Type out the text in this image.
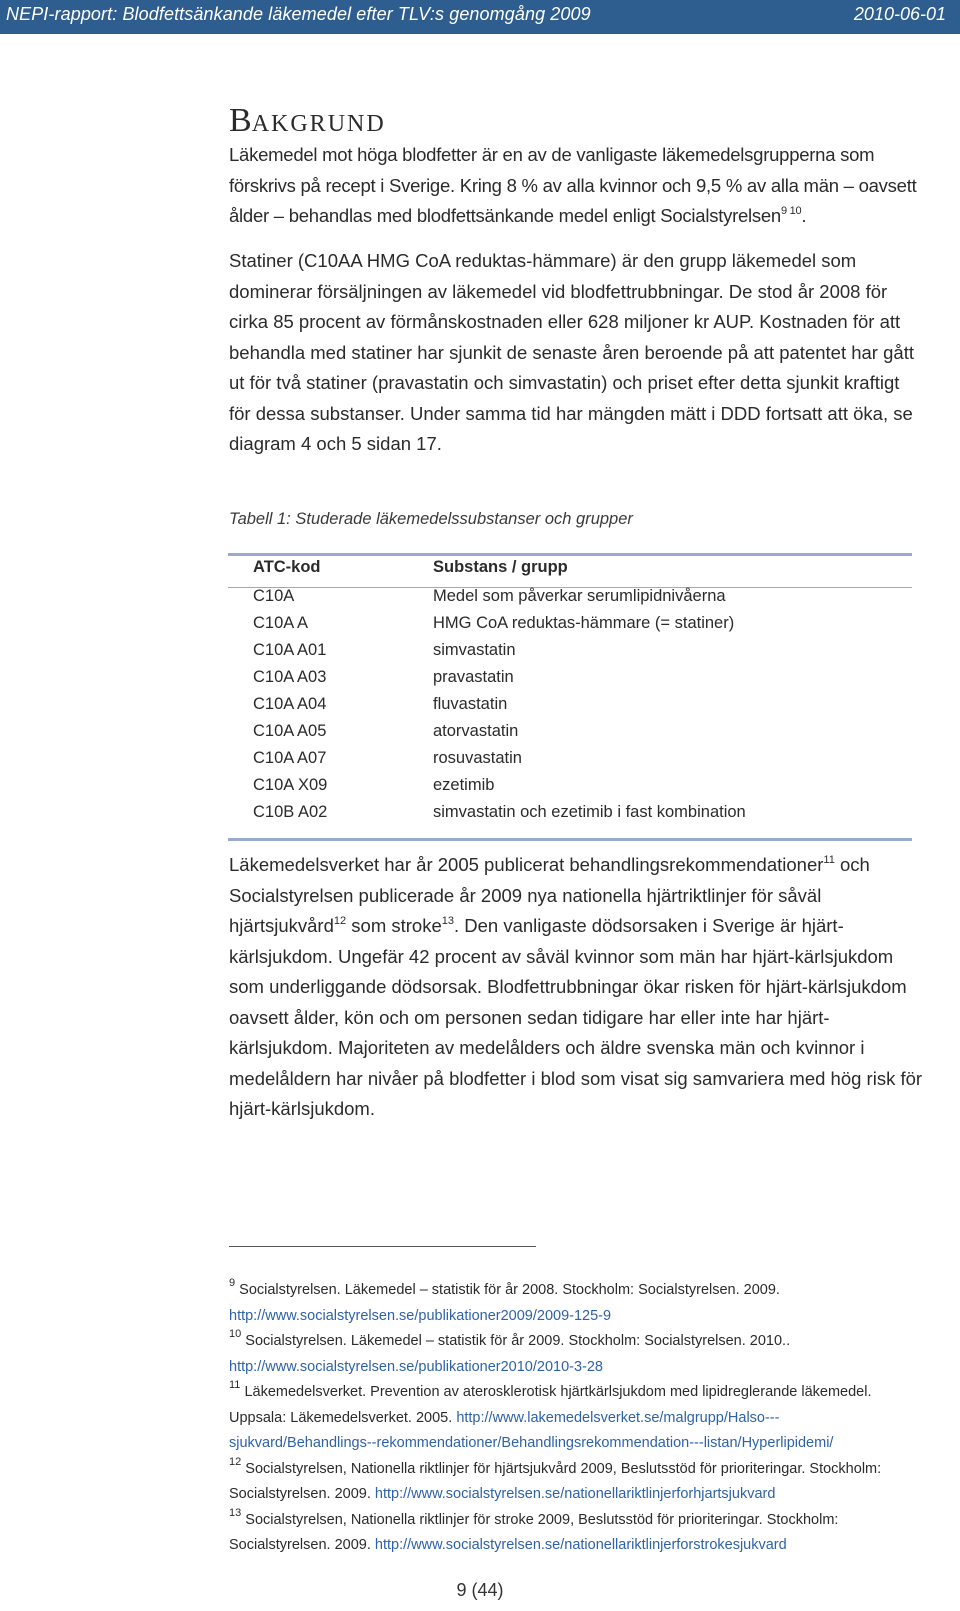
NEPI-rapport: Blodfettsänkande läkemedel efter TLV:s genomgång 2009	2010-06-01
BAKGRUND

Läkemedel mot höga blodfetter är en av de vanligaste läkemedelsgrupperna som

förskrivs på recept i Sverige. Kring 8 % av alla kvinnor och 9,5 % av alla män – oavsett

ålder – behandlas med blodfettsänkande medel enligt Socialstyrelsen$^{9 10}$.

Statiner (C10AA HMG CoA reduktas-hämmare) är den grupp läkemedel som

dominerar försäljningen av läkemedel vid blodfettrubbningar. De stod år 2008 för

cirka 85 procent av förmånskostnaden eller 628 miljoner kr AUP. Kostnaden för att

behandla med statiner har sjunkit de senaste åren beroende på att patentet har gått

ut för två statiner (pravastatin och simvastatin) och priset efter detta sjunkit kraftigt

för dessa substanser. Under samma tid har mängden mätt i DDD fortsatt att öka, se

diagram 4 och 5 sidan 17.

Tabell 1: Studerade läkemedelssubstanser och grupper
ATC-kod	Substans / grupp
C10A	Medel som påverkar serumlipidnivåerna
C10A A	HMG CoA reduktas-hämmare (= statiner)
C10A A01	simvastatin
C10A A03	pravastatin
C10A A04	fluvastatin
C10A A05	atorvastatin
C10A A07	rosuvastatin
C10A X09	ezetimib
C10B A02	simvastatin och ezetimib i fast kombination

Läkemedelsverket har år 2005 publicerat behandlingsrekommendationer$^{11}$ och

Socialstyrelsen publicerade år 2009 nya nationella hjärtriktlinjer för såväl

hjärtsjukvård$^{12}$ som stroke$^{13}$. Den vanligaste dödsorsaken i Sverige är hjärt-

kärlsjukdom. Ungefär 42 procent av såväl kvinnor som män har hjärt-kärlsjukdom

som underliggande dödsorsak. Blodfettrubbningar ökar risken för hjärt-kärlsjukdom

oavsett ålder, kön och om personen sedan tidigare har eller inte har hjärt-

kärlsjukdom. Majoriteten av medelålders och äldre svenska män och kvinnor i

medelåldern har nivåer på blodfetter i blod som visat sig samvariera med hög risk för

hjärt-kärlsjukdom.

$^9$ Socialstyrelsen. Läkemedel – statistik för år 2008. Stockholm: Socialstyrelsen. 2009.
http://www.socialstyrelsen.se/publikationer2009/2009-125-9
$^{10}$ Socialstyrelsen. Läkemedel – statistik för år 2009. Stockholm: Socialstyrelsen. 2010..
http://www.socialstyrelsen.se/publikationer2010/2010-3-28
$^{11}$ Läkemedelsverket. Prevention av aterosklerotisk hjärtkärlsjukdom med lipidreglerande läkemedel.
Uppsala: Läkemedelsverket. 2005. http://www.lakemedelsverket.se/malgrupp/Halso---
sjukvard/Behandlings--rekommendationer/Behandlingsrekommendation---listan/Hyperlipidemi/
$^{12}$ Socialstyrelsen, Nationella riktlinjer för hjärtsjukvård 2009, Beslutsstöd för prioriteringar. Stockholm:
Socialstyrelsen. 2009. http://www.socialstyrelsen.se/nationellariktlinjerforhjartsjukvard
$^{13}$ Socialstyrelsen, Nationella riktlinjer för stroke 2009, Beslutsstöd för prioriteringar. Stockholm:
Socialstyrelsen. 2009. http://www.socialstyrelsen.se/nationellariktlinjerforstrokesjukvard
9 (44)
